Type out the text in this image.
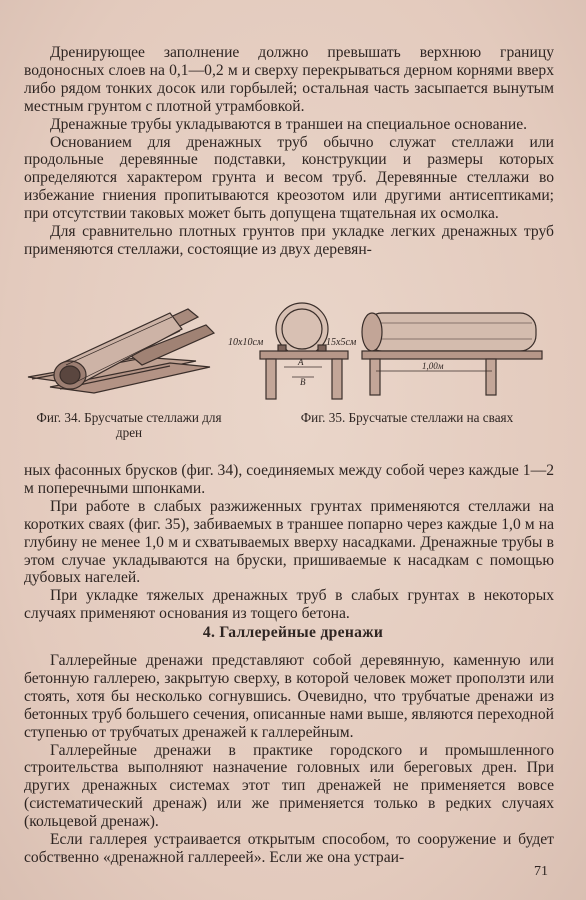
Дренирующее заполнение должно превышать верхнюю границу водоносных слоев на 0,1—0,2 м и сверху перекрываться дерном корнями вверх либо рядом тонких досок или горбылей; остальная часть засыпается вынутым местным грунтом с плотной утрамбовкой.

Дренажные трубы укладываются в траншеи на специальное основание.

Основанием для дренажных труб обычно служат стеллажи или продольные деревянные подставки, конструкции и размеры которых определяются характером грунта и весом труб. Деревянные стеллажи во избежание гниения пропитываются креозотом или другими антисептиками; при отсутствии таковых может быть допущена тщательная их осмолка.

Для сравнительно плотных грунтов при укладке легких дренажных труб применяются стеллажи, состоящие из двух деревян-

10х10см	15х5см
А
В
1,00м
Фиг. 34. Брусчатые стеллажи для дрен
Фиг. 35. Брусчатые стеллажи на сваях

ных фасонных брусков (фиг. 34), соединяемых между собой через каждые 1—2 м поперечными шпонками.

При работе в слабых разжиженных грунтах применяются стеллажи на коротких сваях (фиг. 35), забиваемых в траншее попарно через каждые 1,0 м на глубину не менее 1,0 м и схватываемых вверху насадками. Дренажные трубы в этом случае укладываются на бруски, пришиваемые к насадкам с помощью дубовых нагелей.

При укладке тяжелых дренажных труб в слабых грунтах в некоторых случаях применяют основания из тощего бетона.

4. Галлерейные дренажи

Галлерейные дренажи представляют собой деревянную, каменную или бетонную галлерею, закрытую сверху, в которой человек может проползти или стоять, хотя бы несколько согнувшись. Очевидно, что трубчатые дренажи из бетонных труб большего сечения, описанные нами выше, являются переходной ступенью от трубчатых дренажей к галлерейным.

Галлерейные дренажи в практике городского и промышленного строительства выполняют назначение головных или береговых дрен. При других дренажных системах этот тип дренажей не применяется вовсе (систематический дренаж) или же применяется только в редких случаях (кольцевой дренаж).

Если галлерея устраивается открытым способом, то сооружение и будет собственно «дренажной галлереей». Если же она устраи-

71
